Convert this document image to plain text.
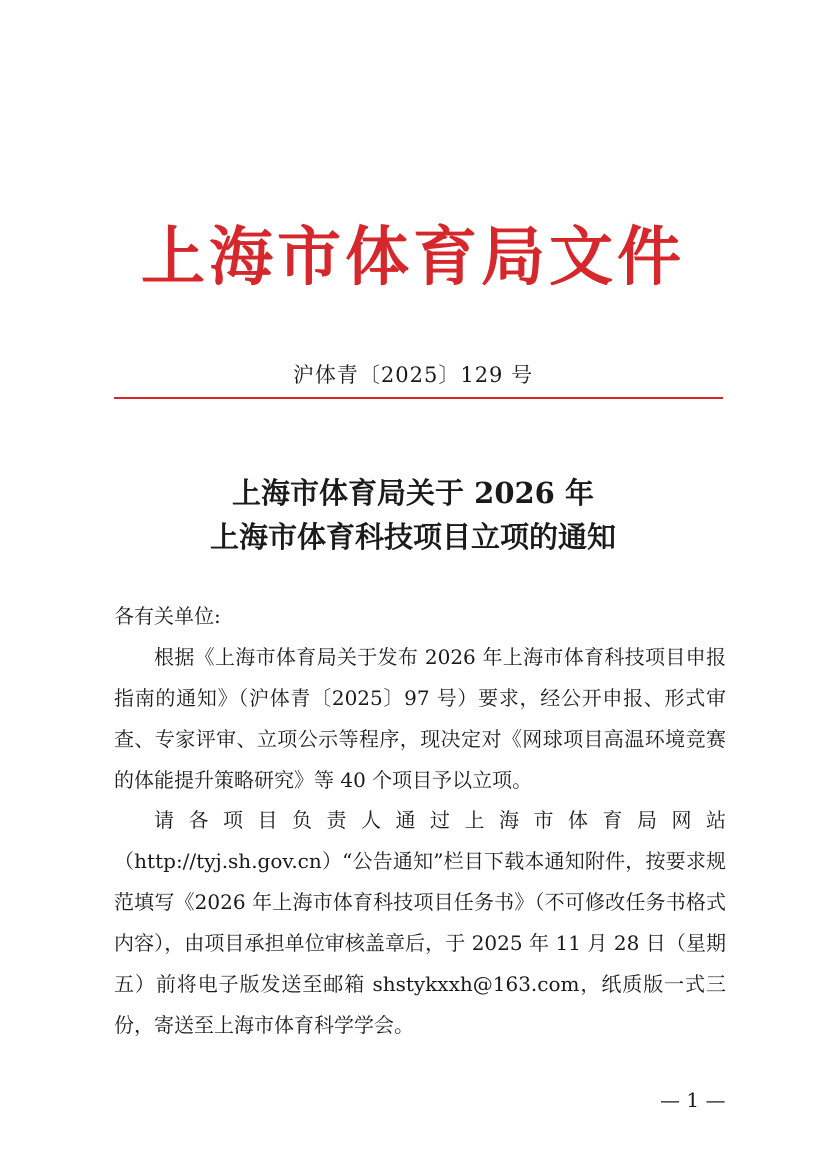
上海市体育局文件
沪体青〔2025〕129 号
上海市体育局关于 2026 年
上海市体育科技项目立项的通知
各有关单位:
根据《上海市体育局关于发布 2026 年上海市体育科技项目申报指南的通知》（沪体青〔2025〕97 号）要求，经公开申报、形式审查、专家评审、立项公示等程序，现决定对《网球项目高温环境竞赛的体能提升策略研究》等 40 个项目予以立项。
请各项目负责人通过上海市体育局网站（http://tyj.sh.gov.cn）“公告通知”栏目下载本通知附件，按要求规范填写《2026 年上海市体育科技项目任务书》（不可修改任务书格式内容），由项目承担单位审核盖章后，于 2025 年 11 月 28 日（星期五）前将电子版发送至邮箱 shstykxxh@163.com，纸质版一式三份，寄送至上海市体育科学学会。
— 1 —
